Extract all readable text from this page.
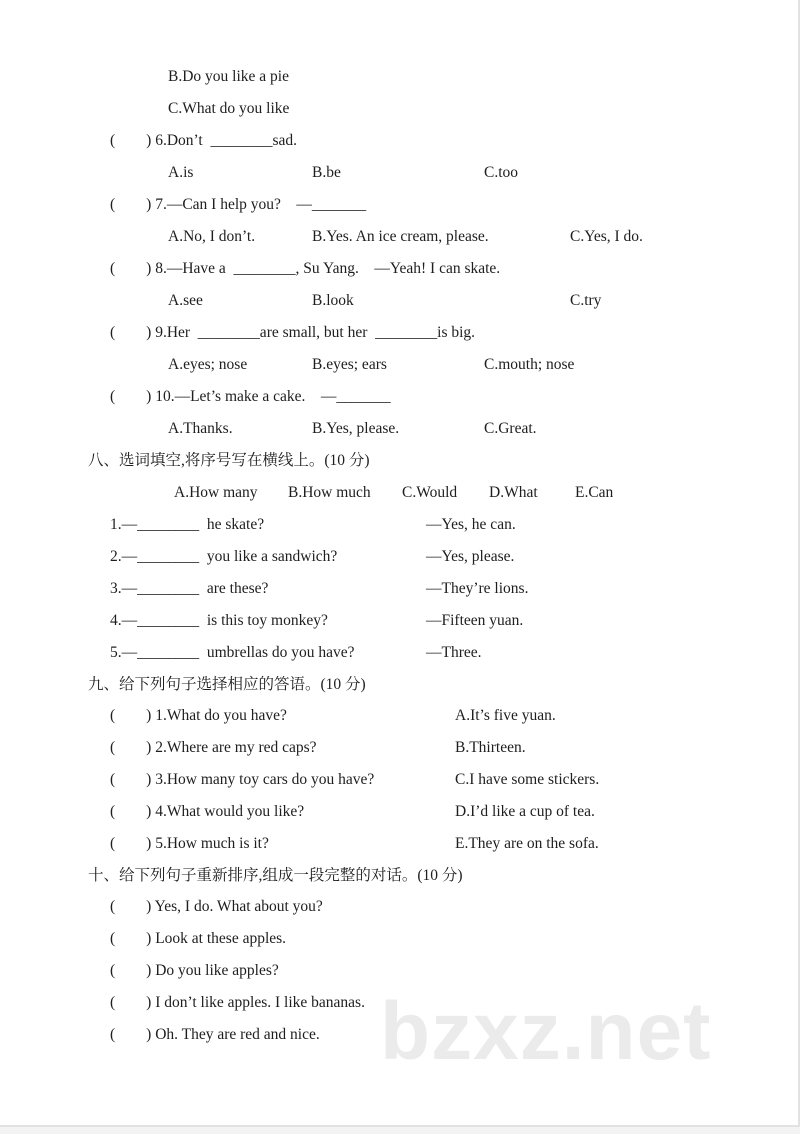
B.Do you like a pie
C.What do you like
(        ) 6.Don’t  ________sad.
A.is	B.be	C.too
(        ) 7.—Can I help you?    —_______
A.No, I don’t.	B.Yes. An ice cream, please.	C.Yes, I do.
(        ) 8.—Have a  ________, Su Yang.    —Yeah! I can skate.
A.see	B.look	C.try
(        ) 9.Her  ________are small, but her  ________is big.
A.eyes; nose	B.eyes; ears	C.mouth; nose
(        ) 10.—Let’s make a cake.    —_______
A.Thanks.	B.Yes, please.	C.Great.
八、选词填空,将序号写在横线上。(10 分)
A.How many B.How much C.Would D.What E.Can
1.—________  he skate?	—Yes, he can.
2.—________  you like a sandwich?	—Yes, please.
3.—________  are these?	—They’re lions.
4.—________  is this toy monkey?	—Fifteen yuan.
5.—________  umbrellas do you have?	—Three.
九、给下列句子选择相应的答语。(10 分)
(        ) 1.What do you have?	A.It’s five yuan.
(        ) 2.Where are my red caps?	B.Thirteen.
(        ) 3.How many toy cars do you have?	C.I have some stickers.
(        ) 4.What would you like?	D.I’d like a cup of tea.
(        ) 5.How much is it?	E.They are on the sofa.
十、给下列句子重新排序,组成一段完整的对话。(10 分)
(        ) Yes, I do. What about you?
(        ) Look at these apples.
(        ) Do you like apples?
(        ) I don’t like apples. I like bananas.
(        ) Oh. They are red and nice. bzxz.net
